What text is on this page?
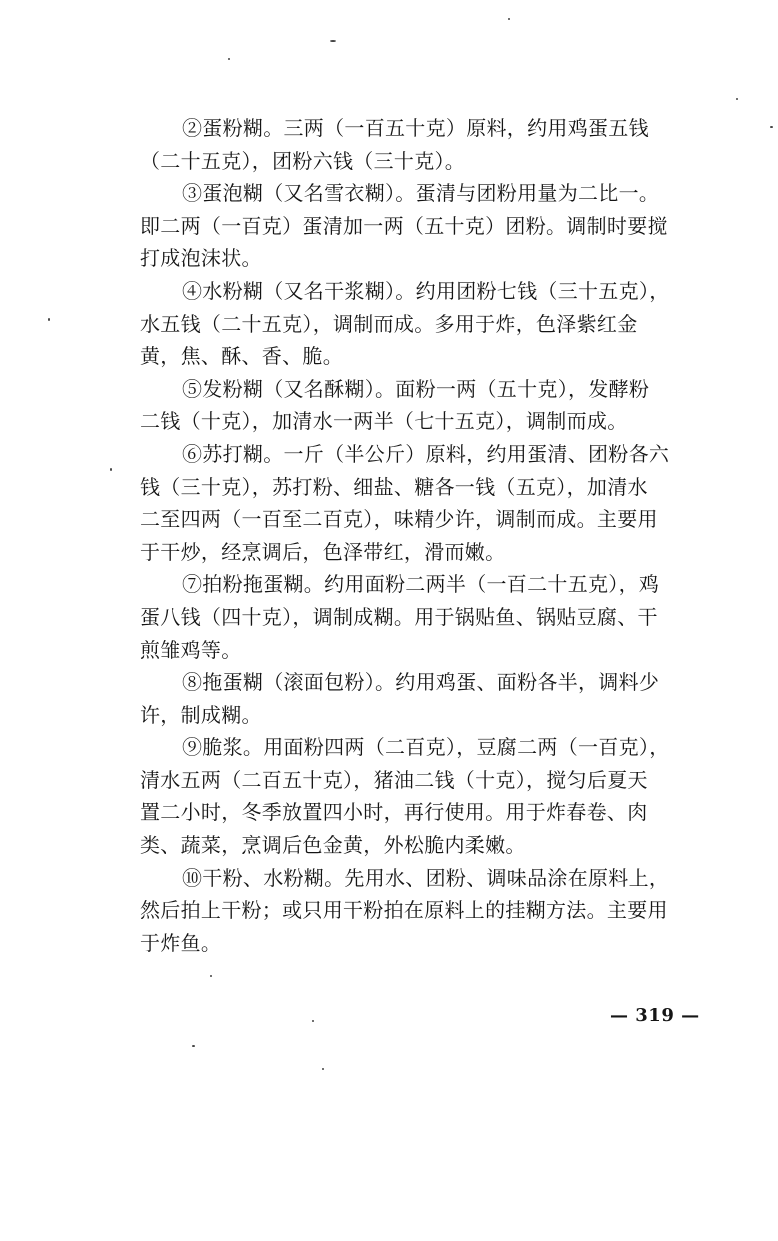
②蛋粉糊。三两（一百五十克）原料，约用鸡蛋五钱
（二十五克），团粉六钱（三十克）。
③蛋泡糊（又名雪衣糊）。蛋清与团粉用量为二比一。
即二两（一百克）蛋清加一两（五十克）团粉。调制时要搅
打成泡沫状。
④水粉糊（又名干浆糊）。约用团粉七钱（三十五克），
水五钱（二十五克），调制而成。多用于炸，色泽紫红金
黄，焦、酥、香、脆。
⑤发粉糊（又名酥糊）。面粉一两（五十克），发酵粉
二钱（十克），加清水一两半（七十五克），调制而成。
⑥苏打糊。一斤（半公斤）原料，约用蛋清、团粉各六
钱（三十克），苏打粉、细盐、糖各一钱（五克），加清水
二至四两（一百至二百克），味精少许，调制而成。主要用
于干炒，经烹调后，色泽带红，滑而嫩。
⑦拍粉拖蛋糊。约用面粉二两半（一百二十五克），鸡
蛋八钱（四十克），调制成糊。用于锅贴鱼、锅贴豆腐、干
煎雏鸡等。
⑧拖蛋糊（滚面包粉）。约用鸡蛋、面粉各半，调料少
许，制成糊。
⑨脆浆。用面粉四两（二百克），豆腐二两（一百克），
清水五两（二百五十克），猪油二钱（十克），搅匀后夏天
置二小时，冬季放置四小时，再行使用。用于炸春卷、肉
类、蔬菜，烹调后色金黄，外松脆内柔嫩。
⑩干粉、水粉糊。先用水、团粉、调味品涂在原料上，
然后拍上干粉；或只用干粉拍在原料上的挂糊方法。主要用
于炸鱼。
— 319 —
